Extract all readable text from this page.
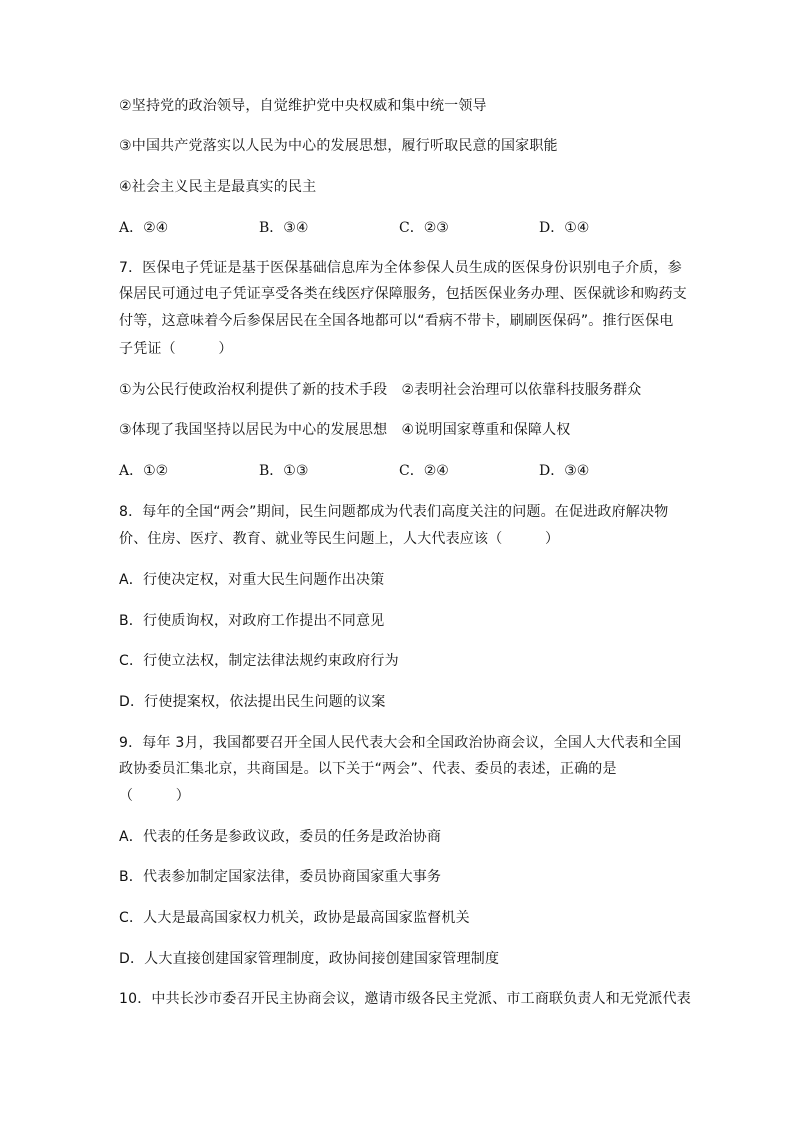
②坚持党的政治领导，自觉维护党中央权威和集中统一领导
③中国共产党落实以人民为中心的发展思想，履行听取民意的国家职能
④社会主义民主是最真实的民主
A．②④	B．③④	C．②③	D．①④
7．医保电子凭证是基于医保基础信息库为全体参保人员生成的医保身份识别电子介质，参
保居民可通过电子凭证享受各类在线医疗保障服务，包括医保业务办理、医保就诊和购药支
付等，这意味着今后参保居民在全国各地都可以“看病不带卡，刷刷医保码”。推行医保电
子凭证（　　　）
①为公民行使政治权利提供了新的技术手段　②表明社会治理可以依靠科技服务群众
③体现了我国坚持以居民为中心的发展思想　④说明国家尊重和保障人权
A．①②	B．①③	C．②④	D．③④
8．每年的全国“两会”期间，民生问题都成为代表们高度关注的问题。在促进政府解决物
价、住房、医疗、教育、就业等民生问题上，人大代表应该（　　　）
A．行使决定权，对重大民生问题作出决策
B．行使质询权，对政府工作提出不同意见
C．行使立法权，制定法律法规约束政府行为
D．行使提案权，依法提出民生问题的议案
9．每年 3月，我国都要召开全国人民代表大会和全国政治协商会议，全国人大代表和全国
政协委员汇集北京，共商国是。以下关于“两会”、代表、委员的表述，正确的是
（　　　）
A．代表的任务是参政议政，委员的任务是政治协商
B．代表参加制定国家法律，委员协商国家重大事务
C．人大是最高国家权力机关，政协是最高国家监督机关
D．人大直接创建国家管理制度，政协间接创建国家管理制度
10．中共长沙市委召开民主协商会议，邀请市级各民主党派、市工商联负责人和无党派代表
